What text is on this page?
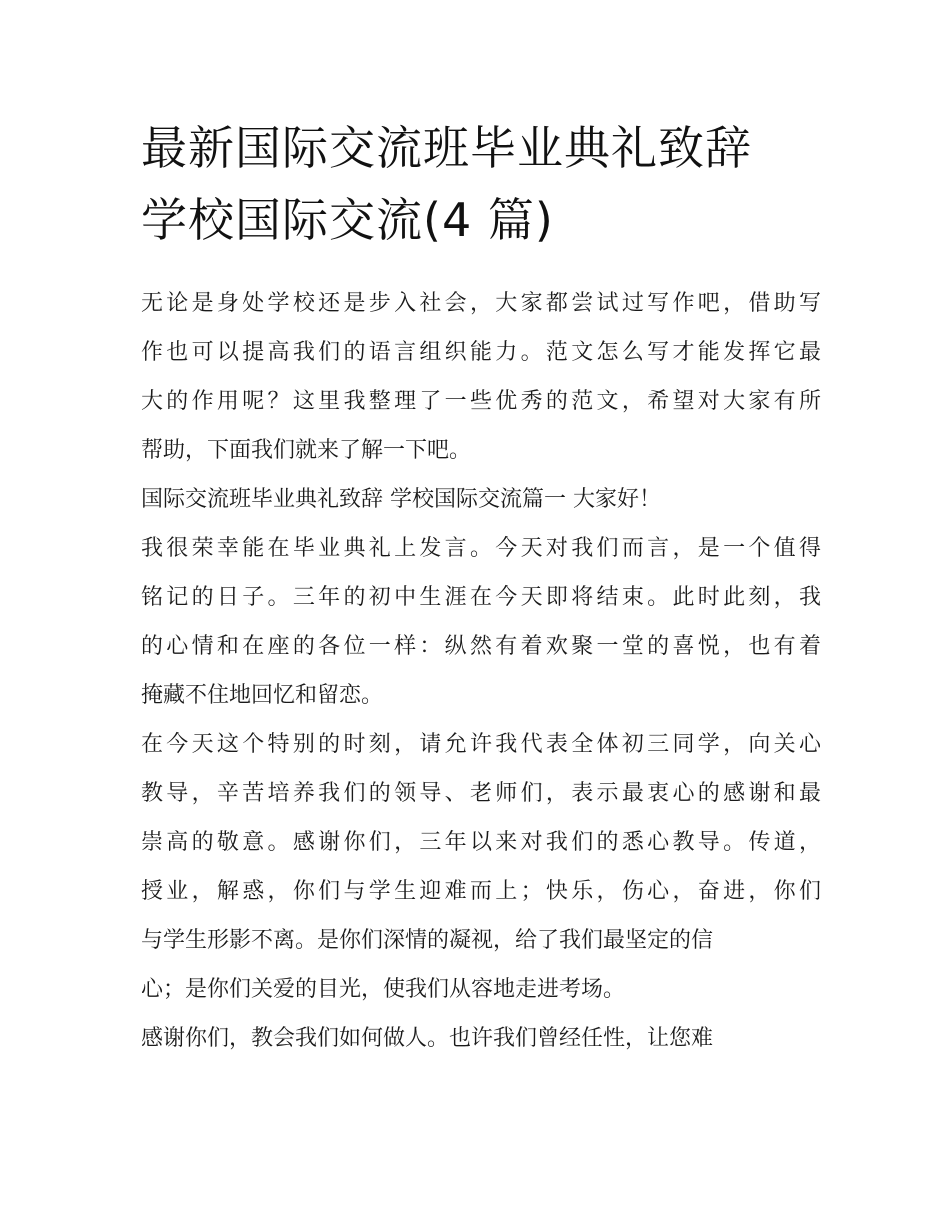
最新国际交流班毕业典礼致辞
学校国际交流(4 篇)

无论是身处学校还是步入社会，大家都尝试过写作吧，借助写
作也可以提高我们的语言组织能力。范文怎么写才能发挥它最
大的作用呢？这里我整理了一些优秀的范文，希望对大家有所
帮助，下面我们就来了解一下吧。

国际交流班毕业典礼致辞 学校国际交流篇一 大家好！

我很荣幸能在毕业典礼上发言。今天对我们而言，是一个值得
铭记的日子。三年的初中生涯在今天即将结束。此时此刻，我
的心情和在座的各位一样：纵然有着欢聚一堂的喜悦，也有着
掩藏不住地回忆和留恋。

在今天这个特别的时刻，请允许我代表全体初三同学，向关心
教导，辛苦培养我们的领导、老师们，表示最衷心的感谢和最
崇高的敬意。感谢你们，三年以来对我们的悉心教导。传道，
授业，解惑，你们与学生迎难而上；快乐，伤心，奋进，你们
与学生形影不离。是你们深情的凝视，给了我们最坚定的信
心；是你们关爱的目光，使我们从容地走进考场。

感谢你们，教会我们如何做人。也许我们曾经任性，让您难
